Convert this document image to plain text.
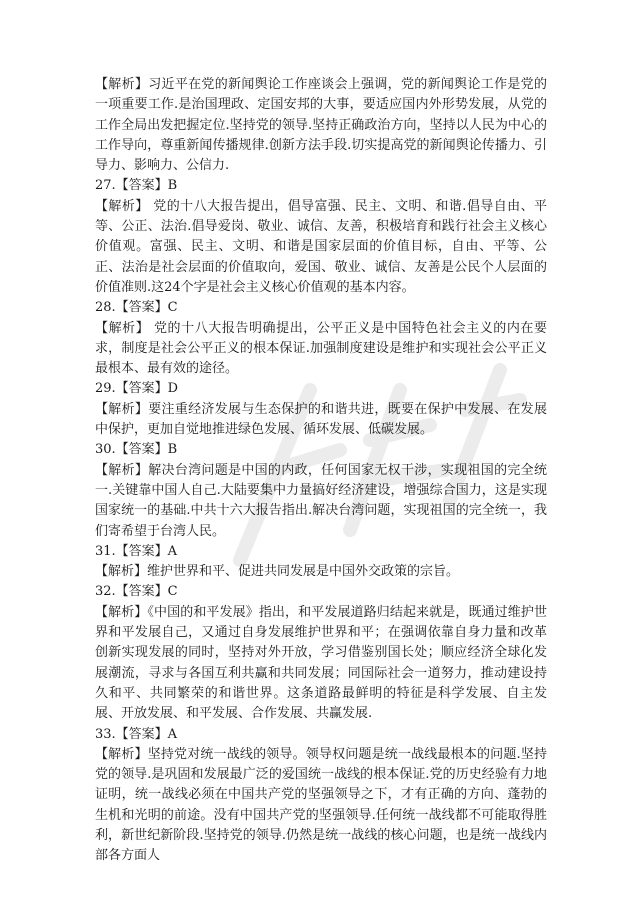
【解析】习近平在党的新闻舆论工作座谈会上强调，党的新闻舆论工作是党的一项重要工作.是治国理政、定国安邦的大事，要适应国内外形势发展，从党的工作全局出发把握定位.坚持党的领导.坚持正确政治方向，坚持以人民为中心的工作导向，尊重新闻传播规律.创新方法手段.切实提高党的新闻舆论传播力、引导力、影响力、公信力.

27.【答案】B

【解析】 党的十八大报告提出，倡导富强、民主、文明、和谐.倡导自由、平等、公正、法治.倡导爱岗、敬业、诚信、友善，积极培育和践行社会主义核心价值观。富强、民主、文明、和谐是国家层面的价值目标，自由、平等、公正、法治是社会层面的价值取向，爱国、敬业、诚信、友善是公民个人层面的价值准则.这24个字是社会主义核心价值观的基本内容。

28.【答案】C

【解析】 党的十八大报告明确提出，公平正义是中国特色社会主义的内在要求，制度是社会公平正义的根本保证.加强制度建设是维护和实现社会公平正义最根本、最有效的途径。

29.【答案】D

【解析】要注重经济发展与生态保护的和谐共进，既要在保护中发展、在发展中保护，更加自觉地推进绿色发展、循环发展、低碳发展。

30.【答案】B

【解析】解决台湾问题是中国的内政，任何国家无权干涉，实现祖国的完全统一.关键靠中国人自己.大陆要集中力量搞好经济建设，增强综合国力，这是实现国家统一的基础.中共十六大报告指出.解决台湾问题，实现祖国的完全统一，我们寄希望于台湾人民。

31.【答案】A

【解析】维护世界和平、促进共同发展是中国外交政策的宗旨。

32.【答案】C

【解析】《中国的和平发展》指出，和平发展道路归结起来就是，既通过维护世界和平发展自己，又通过自身发展维护世界和平；在强调依靠自身力量和改革创新实现发展的同时，坚持对外开放，学习借鉴别国长处；顺应经济全球化发展潮流，寻求与各国互利共赢和共同发展；同国际社会一道努力，推动建设持久和平、共同繁荣的和谐世界。这条道路最鲜明的特征是科学发展、自主发展、开放发展、和平发展、合作发展、共赢发展.

33.【答案】A

【解析】坚持党对统一战线的领导。领导权问题是统一战线最根本的问题.坚持党的领导.是巩固和发展最广泛的爱国统一战线的根本保证.党的历史经验有力地证明，统一战线必须在中国共产党的坚强领导之下，才有正确的方向、蓬勃的生机和光明的前途。没有中国共产党的坚强领导.任何统一战线都不可能取得胜利，新世纪新阶段.坚持党的领导.仍然是统一战线的核心问题，也是统一战线内部各方面人
